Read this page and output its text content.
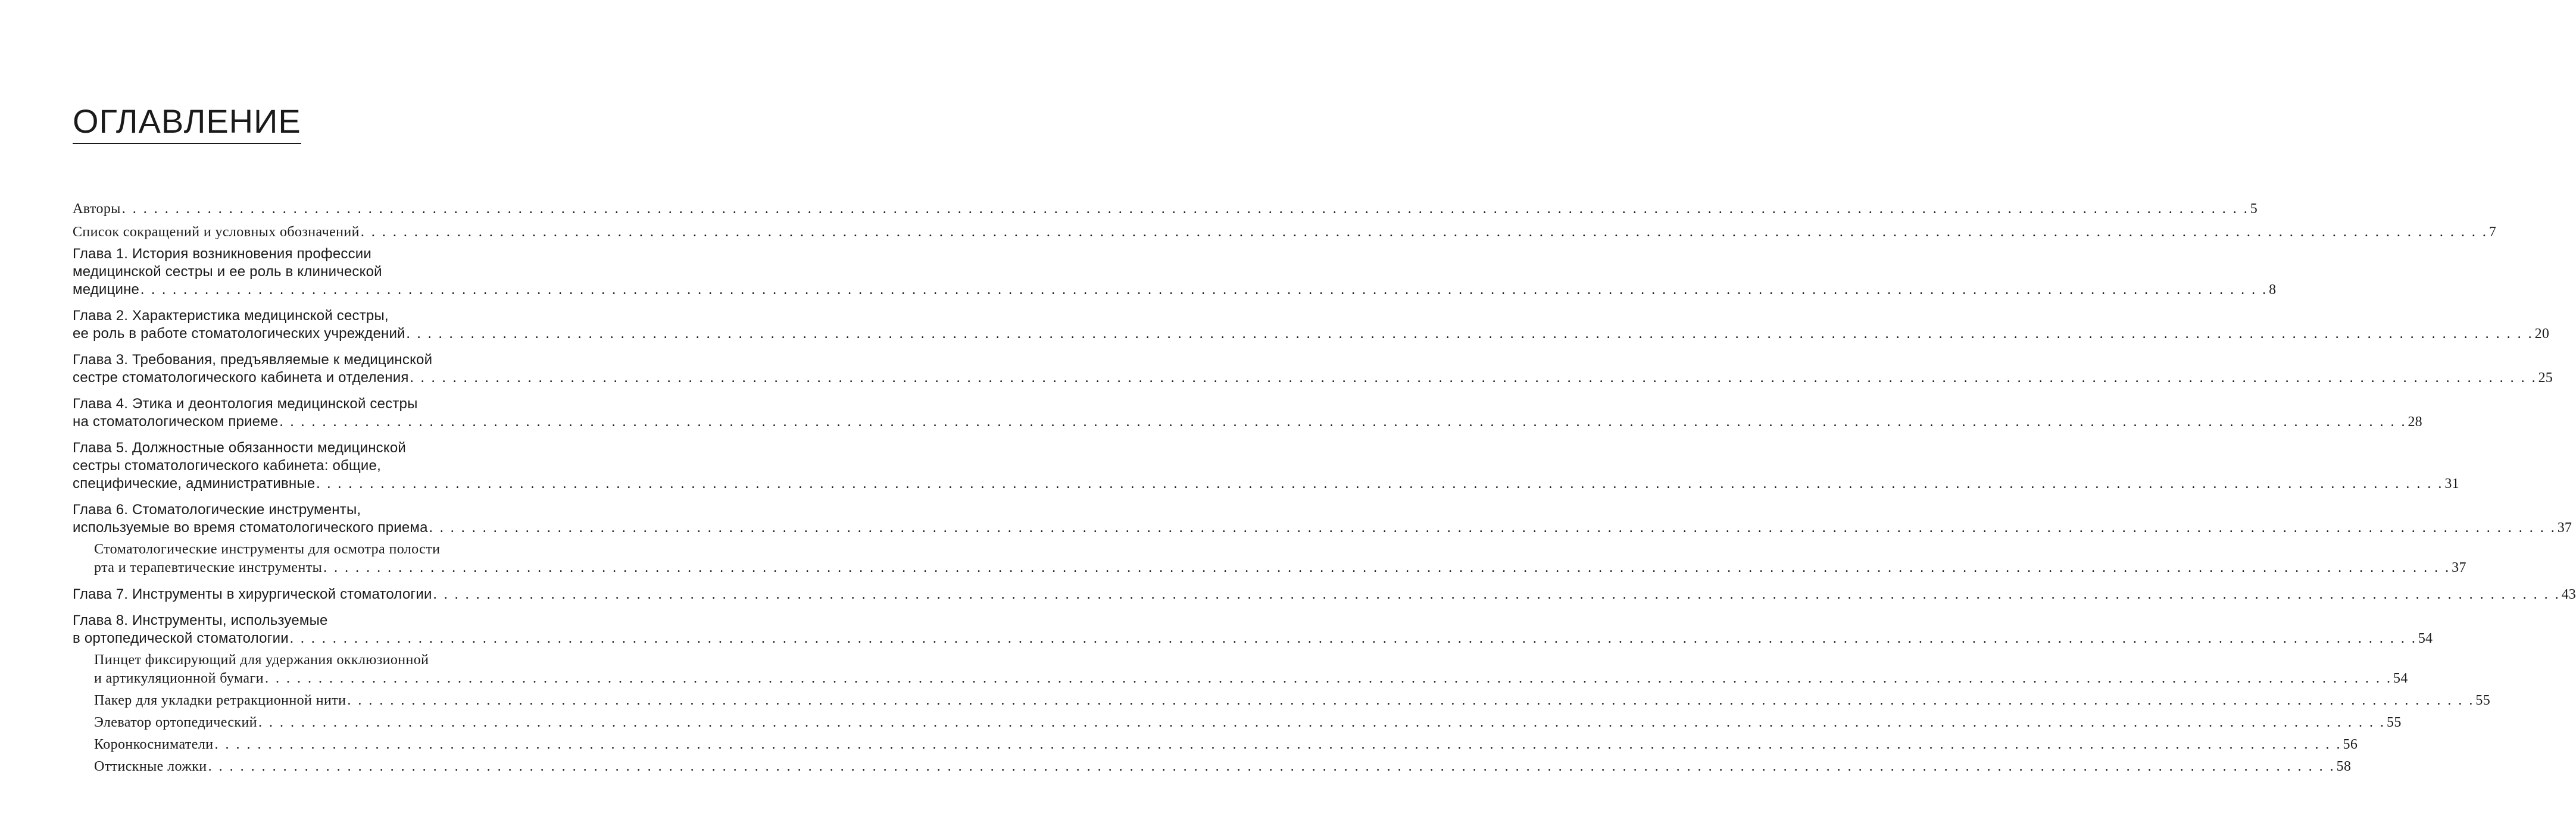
ОГЛАВЛЕНИЕ
Авторы . . . . . . . . . . . . . . . . . . . . . . . . . . . . . . . . . . . . . . . . . . . . . . . . . . . . . . . . . . . . . . . . . . . . . . . . . . . . . . . . . . . . . . . . . . . . . . . . . . . . . . . . . . . . . . . . . . . . . . . . . . . . . . . . . . . . . . . . . . . . . . . . . . . . . . . . . . . . . . . . . . . . . . . . . . . . . . . . . . . . . . . . . . . . . . . . . . . . . . . 5
Список сокращений и условных обозначений . . . . . . . . . . . . . . . . . . . . . . . . . . . . . . . . . . . . . . . . . . . . . . . . . . . . . . . . . . . . . . . . . . . . . . . . . . . . . . . . . . . . . . . . . . . . . . . . . . . . . . . . . . . . . . . . . . . . . . . . . . . . . . . . . . . . . . . . . . . . . . . . . . . . . . . . . . . . . . . . . . . . . . . . . . . . . . . . . . . . . . . . . . . . . . . . . . . . . . . 7
Глава 1. История возникновения профессии
медицинской сестры и ее роль в клинической
медицине . . . . . . . . . . . . . . . . . . . . . . . . . . . . . . . . . . . . . . . . . . . . . . . . . . . . . . . . . . . . . . . . . . . . . . . . . . . . . . . . . . . . . . . . . . . . . . . . . . . . . . . . . . . . . . . . . . . . . . . . . . . . . . . . . . . . . . . . . . . . . . . . . . . . . . . . . . . . . . . . . . . . . . . . . . . . . . . . . . . . . . . . . . . . . . . . . . . . . . . 8
Глава 2. Характеристика медицинской сестры,
ее роль в работе стоматологических учреждений . . . . . . . . . . . . . . . . . . . . . . . . . . . . . . . . . . . . . . . . . . . . . . . . . . . . . . . . . . . . . . . . . . . . . . . . . . . . . . . . . . . . . . . . . . . . . . . . . . . . . . . . . . . . . . . . . . . . . . . . . . . . . . . . . . . . . . . . . . . . . . . . . . . . . . . . . . . . . . . . . . . . . . . . . . . . . . . . . . . . . . . . . . . . . . . . . . . . . . . 20
Глава 3. Требования, предъявляемые к медицинской
сестре стоматологического кабинета и отделения . . . . . . . . . . . . . . . . . . . . . . . . . . . . . . . . . . . . . . . . . . . . . . . . . . . . . . . . . . . . . . . . . . . . . . . . . . . . . . . . . . . . . . . . . . . . . . . . . . . . . . . . . . . . . . . . . . . . . . . . . . . . . . . . . . . . . . . . . . . . . . . . . . . . . . . . . . . . . . . . . . . . . . . . . . . . . . . . . . . . . . . . . . . . . . . . . . . . . . . 25
Глава 4. Этика и деонтология медицинской сестры
на стоматологическом приеме . . . . . . . . . . . . . . . . . . . . . . . . . . . . . . . . . . . . . . . . . . . . . . . . . . . . . . . . . . . . . . . . . . . . . . . . . . . . . . . . . . . . . . . . . . . . . . . . . . . . . . . . . . . . . . . . . . . . . . . . . . . . . . . . . . . . . . . . . . . . . . . . . . . . . . . . . . . . . . . . . . . . . . . . . . . . . . . . . . . . . . . . . . . . . . . . . . . . . . . 28
Глава 5. Должностные обязанности медицинской
сестры стоматологического кабинета: общие,
специфические, административные . . . . . . . . . . . . . . . . . . . . . . . . . . . . . . . . . . . . . . . . . . . . . . . . . . . . . . . . . . . . . . . . . . . . . . . . . . . . . . . . . . . . . . . . . . . . . . . . . . . . . . . . . . . . . . . . . . . . . . . . . . . . . . . . . . . . . . . . . . . . . . . . . . . . . . . . . . . . . . . . . . . . . . . . . . . . . . . . . . . . . . . . . . . . . . . . . . . . . . . 31
Глава 6. Стоматологические инструменты,
используемые во время стоматологического приема . . . . . . . . . . . . . . . . . . . . . . . . . . . . . . . . . . . . . . . . . . . . . . . . . . . . . . . . . . . . . . . . . . . . . . . . . . . . . . . . . . . . . . . . . . . . . . . . . . . . . . . . . . . . . . . . . . . . . . . . . . . . . . . . . . . . . . . . . . . . . . . . . . . . . . . . . . . . . . . . . . . . . . . . . . . . . . . . . . . . . . . . . . . . . . . . . . . . . . . 37
Стоматологические инструменты для осмотра полости
рта и терапевтические инструменты . . . . . . . . . . . . . . . . . . . . . . . . . . . . . . . . . . . . . . . . . . . . . . . . . . . . . . . . . . . . . . . . . . . . . . . . . . . . . . . . . . . . . . . . . . . . . . . . . . . . . . . . . . . . . . . . . . . . . . . . . . . . . . . . . . . . . . . . . . . . . . . . . . . . . . . . . . . . . . . . . . . . . . . . . . . . . . . . . . . . . . . . . . . . . . . . . . . . . . . 37
Глава 7. Инструменты в хирургической стоматологии . . . . . . . . . . . . . . . . . . . . . . . . . . . . . . . . . . . . . . . . . . . . . . . . . . . . . . . . . . . . . . . . . . . . . . . . . . . . . . . . . . . . . . . . . . . . . . . . . . . . . . . . . . . . . . . . . . . . . . . . . . . . . . . . . . . . . . . . . . . . . . . . . . . . . . . . . . . . . . . . . . . . . . . . . . . . . . . . . . . . . . . . . . . . . . . . . . . . . . . 43
Глава 8. Инструменты, используемые
в ортопедической стоматологии . . . . . . . . . . . . . . . . . . . . . . . . . . . . . . . . . . . . . . . . . . . . . . . . . . . . . . . . . . . . . . . . . . . . . . . . . . . . . . . . . . . . . . . . . . . . . . . . . . . . . . . . . . . . . . . . . . . . . . . . . . . . . . . . . . . . . . . . . . . . . . . . . . . . . . . . . . . . . . . . . . . . . . . . . . . . . . . . . . . . . . . . . . . . . . . . . . . . . . . 54
Пинцет фиксирующий для удержания окклюзионной
и артикуляционной бумаги . . . . . . . . . . . . . . . . . . . . . . . . . . . . . . . . . . . . . . . . . . . . . . . . . . . . . . . . . . . . . . . . . . . . . . . . . . . . . . . . . . . . . . . . . . . . . . . . . . . . . . . . . . . . . . . . . . . . . . . . . . . . . . . . . . . . . . . . . . . . . . . . . . . . . . . . . . . . . . . . . . . . . . . . . . . . . . . . . . . . . . . . . . . . . . . . . . . . . . . 54
Пакер для укладки ретракционной нити . . . . . . . . . . . . . . . . . . . . . . . . . . . . . . . . . . . . . . . . . . . . . . . . . . . . . . . . . . . . . . . . . . . . . . . . . . . . . . . . . . . . . . . . . . . . . . . . . . . . . . . . . . . . . . . . . . . . . . . . . . . . . . . . . . . . . . . . . . . . . . . . . . . . . . . . . . . . . . . . . . . . . . . . . . . . . . . . . . . . . . . . . . . . . . . . . . . . . . . 55
Элеватор ортопедический . . . . . . . . . . . . . . . . . . . . . . . . . . . . . . . . . . . . . . . . . . . . . . . . . . . . . . . . . . . . . . . . . . . . . . . . . . . . . . . . . . . . . . . . . . . . . . . . . . . . . . . . . . . . . . . . . . . . . . . . . . . . . . . . . . . . . . . . . . . . . . . . . . . . . . . . . . . . . . . . . . . . . . . . . . . . . . . . . . . . . . . . . . . . . . . . . . . . . . . 55
Коронкосниматели . . . . . . . . . . . . . . . . . . . . . . . . . . . . . . . . . . . . . . . . . . . . . . . . . . . . . . . . . . . . . . . . . . . . . . . . . . . . . . . . . . . . . . . . . . . . . . . . . . . . . . . . . . . . . . . . . . . . . . . . . . . . . . . . . . . . . . . . . . . . . . . . . . . . . . . . . . . . . . . . . . . . . . . . . . . . . . . . . . . . . . . . . . . . . . . . . . . . . . . 56
Оттискные ложки . . . . . . . . . . . . . . . . . . . . . . . . . . . . . . . . . . . . . . . . . . . . . . . . . . . . . . . . . . . . . . . . . . . . . . . . . . . . . . . . . . . . . . . . . . . . . . . . . . . . . . . . . . . . . . . . . . . . . . . . . . . . . . . . . . . . . . . . . . . . . . . . . . . . . . . . . . . . . . . . . . . . . . . . . . . . . . . . . . . . . . . . . . . . . . . . . . . . . . . 58
